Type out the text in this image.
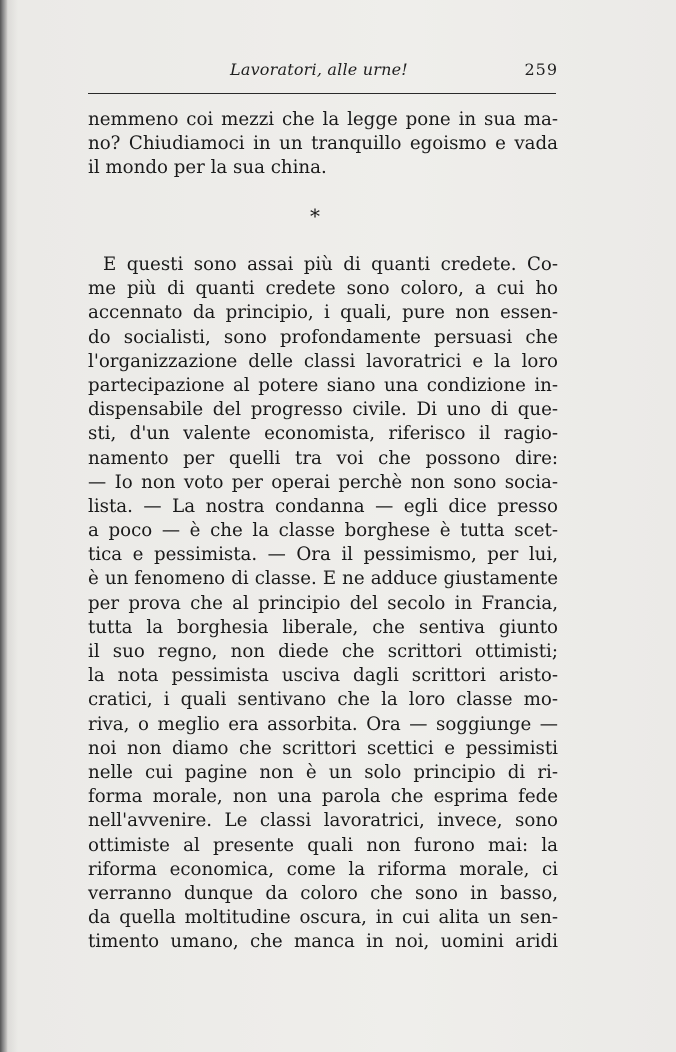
Lavoratori, alle urne!	259
nemmeno coi mezzi che la legge pone in sua ma-
no? Chiudiamoci in un tranquillo egoismo e vada
il mondo per la sua china.
*
E questi sono assai più di quanti credete. Co-
me più di quanti credete sono coloro, a cui ho
accennato da principio, i quali, pure non essen-
do socialisti, sono profondamente persuasi che
l'organizzazione delle classi lavoratrici e la loro
partecipazione al potere siano una condizione in-
dispensabile del progresso civile. Di uno di que-
sti, d'un valente economista, riferisco il ragio-
namento per quelli tra voi che possono dire:
— Io non voto per operai perchè non sono socia-
lista. — La nostra condanna — egli dice presso
a poco — è che la classe borghese è tutta scet-
tica e pessimista. — Ora il pessimismo, per lui,
è un fenomeno di classe. E ne adduce giustamente
per prova che al principio del secolo in Francia,
tutta la borghesia liberale, che sentiva giunto
il suo regno, non diede che scrittori ottimisti;
la nota pessimista usciva dagli scrittori aristo-
cratici, i quali sentivano che la loro classe mo-
riva, o meglio era assorbita. Ora — soggiunge —
noi non diamo che scrittori scettici e pessimisti
nelle cui pagine non è un solo principio di ri-
forma morale, non una parola che esprima fede
nell'avvenire. Le classi lavoratrici, invece, sono
ottimiste al presente quali non furono mai: la
riforma economica, come la riforma morale, ci
verranno dunque da coloro che sono in basso,
da quella moltitudine oscura, in cui alita un sen-
timento umano, che manca in noi, uomini aridi
